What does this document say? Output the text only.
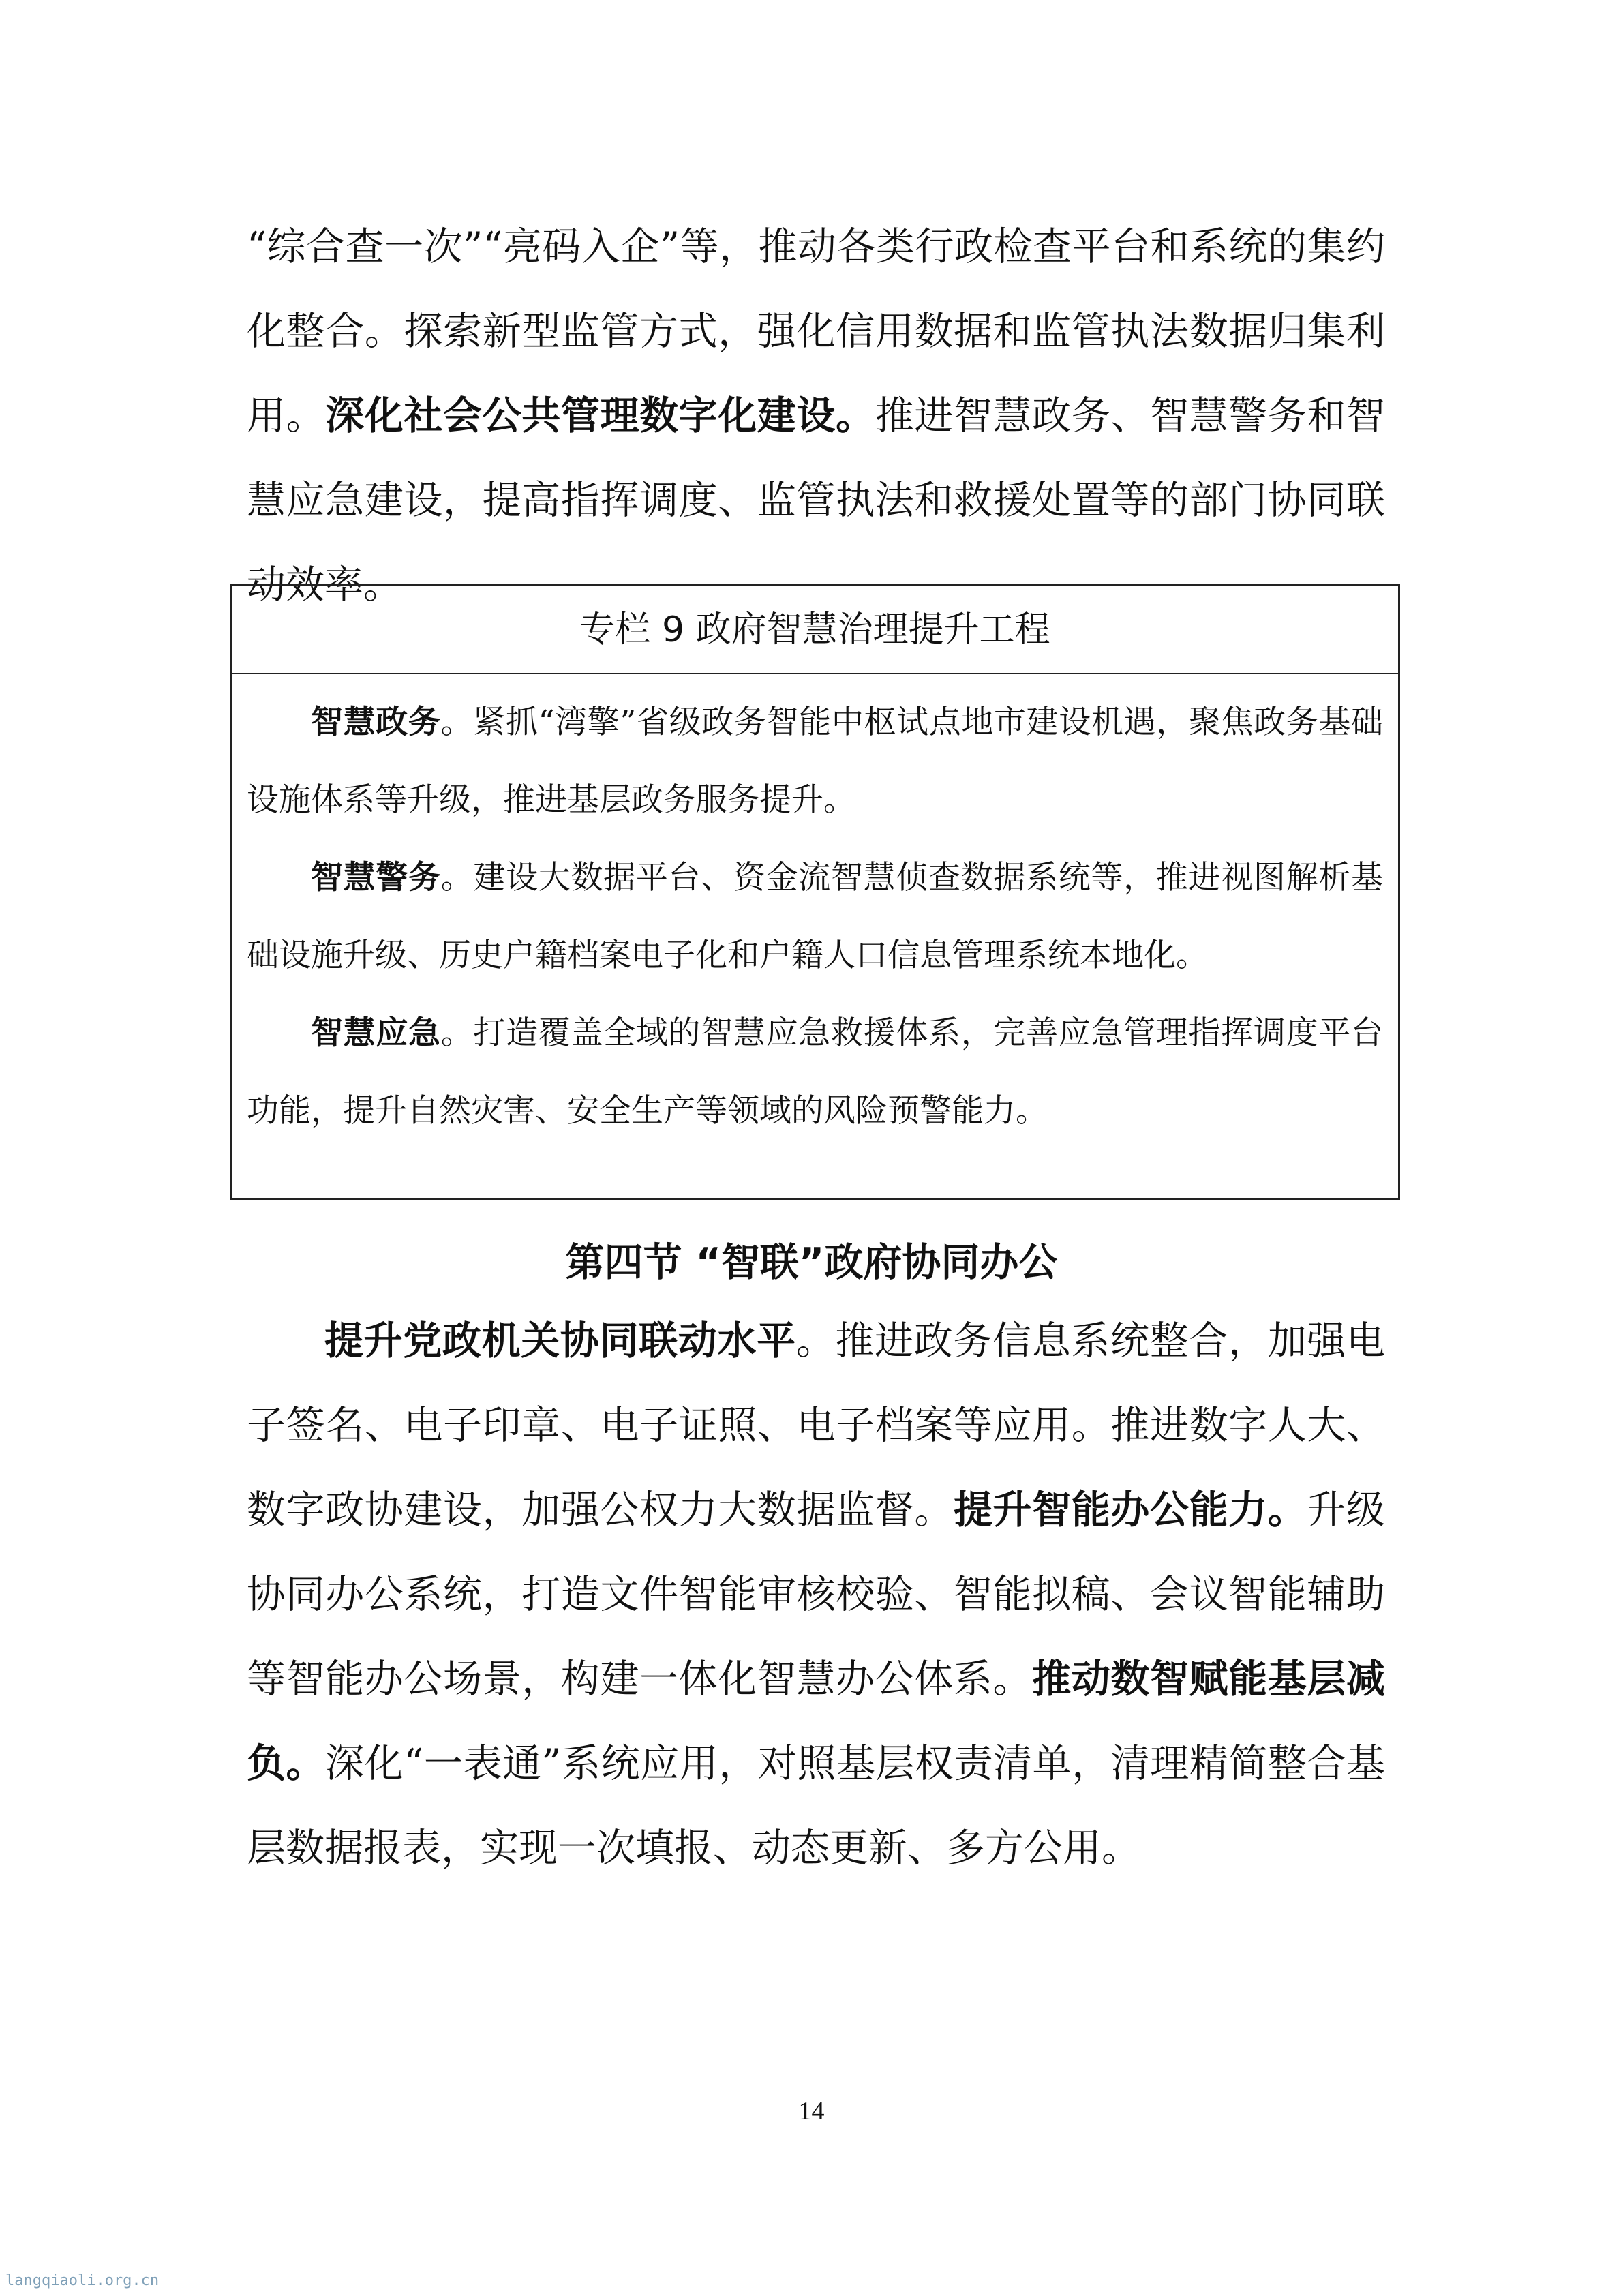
“综合查一次”“亮码入企”等，推动各类行政检查平台和系统的集约化整合。探索新型监管方式，强化信用数据和监管执法数据归集利用。深化社会公共管理数字化建设。推进智慧政务、智慧警务和智慧应急建设，提高指挥调度、监管执法和救援处置等的部门协同联动效率。

专栏 9 政府智慧治理提升工程

智慧政务。紧抓“湾擎”省级政务智能中枢试点地市建设机遇，聚焦政务基础设施体系等升级，推进基层政务服务提升。

智慧警务。建设大数据平台、资金流智慧侦查数据系统等，推进视图解析基础设施升级、历史户籍档案电子化和户籍人口信息管理系统本地化。

智慧应急。打造覆盖全域的智慧应急救援体系，完善应急管理指挥调度平台功能，提升自然灾害、安全生产等领域的风险预警能力。

第四节 “智联”政府协同办公

提升党政机关协同联动水平。推进政务信息系统整合，加强电子签名、电子印章、电子证照、电子档案等应用。推进数字人大、数字政协建设，加强公权力大数据监督。提升智能办公能力。升级协同办公系统，打造文件智能审核校验、智能拟稿、会议智能辅助等智能办公场景，构建一体化智慧办公体系。推动数智赋能基层减负。深化“一表通”系统应用，对照基层权责清单，清理精简整合基层数据报表，实现一次填报、动态更新、多方公用。

14
langqiaoli.org.cn
